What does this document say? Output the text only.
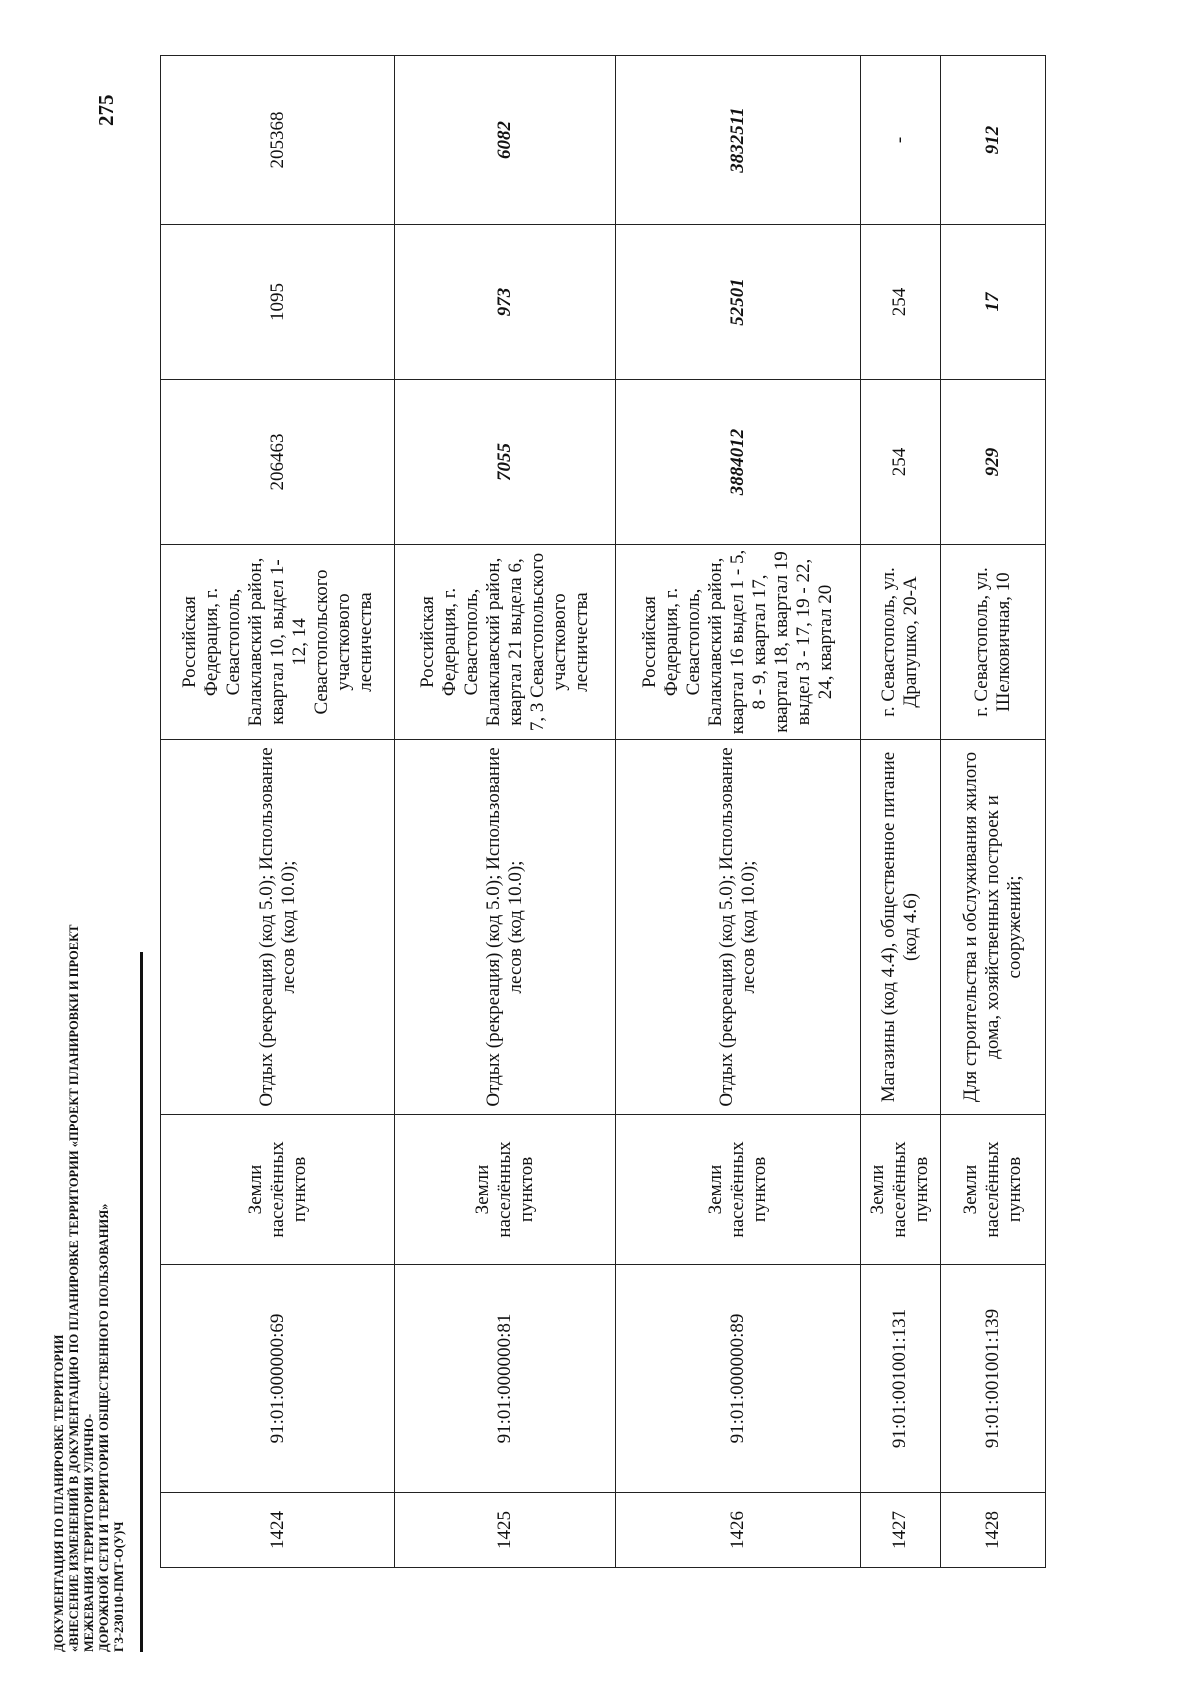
ДОКУМЕНТАЦИЯ ПО ПЛАНИРОВКЕ ТЕРРИТОРИИ «ВНЕСЕНИЕ ИЗМЕНЕНИЙ В ДОКУМЕНТАЦИЮ ПО ПЛАНИРОВКЕ ТЕРРИТОРИИ «ПРОЕКТ ПЛАНИРОВКИ И ПРОЕКТ МЕЖЕВАНИЯ ТЕРРИТОРИИ УЛИЧНО- ДОРОЖНОЙ СЕТИ И ТЕРРИТОРИИ ОБЩЕСТВЕННОГО ПОЛЬЗОВАНИЯ» ГЗ-230110-ПМТ-О(У)Ч
275
1424	91:01:000000:69	Земли населённых пунктов	Отдых (рекреация) (код 5.0); Использование лесов (код 10.0);	Российская Федерация, г. Севастополь, Балаклавский район, квартал 10, выдел 1-12, 14 Севастопольского участкового лесничества	206463	1095	205368
1425	91:01:000000:81	Земли населённых пунктов	Отдых (рекреация) (код 5.0); Использование лесов (код 10.0);	Российская Федерация, г. Севастополь, Балаклавский район, квартал 21 выдела 6, 7, 3 Севастопольского участкового лесничества	7055	973	6082
1426	91:01:000000:89	Земли населённых пунктов	Отдых (рекреация) (код 5.0); Использование лесов (код 10.0);	Российская Федерация, г. Севастополь, Балаклавский район, квартал 16 выдел 1 - 5, 8 - 9, квартал 17, квартал 18, квартал 19 выдел 3 - 17, 19 - 22, 24, квартал 20	3884012	52501	3832511
1427	91:01:001001:131	Земли населённых пунктов	Магазины (код 4.4), общественное питание (код 4.6)	г. Севастополь, ул. Драпушко, 20-А	254	254	-
1428	91:01:001001:139	Земли населённых пунктов	Для строительства и обслуживания жилого дома, хозяйственных построек и сооружений;	г. Севастополь, ул. Шелковичная, 10	929	17	912
